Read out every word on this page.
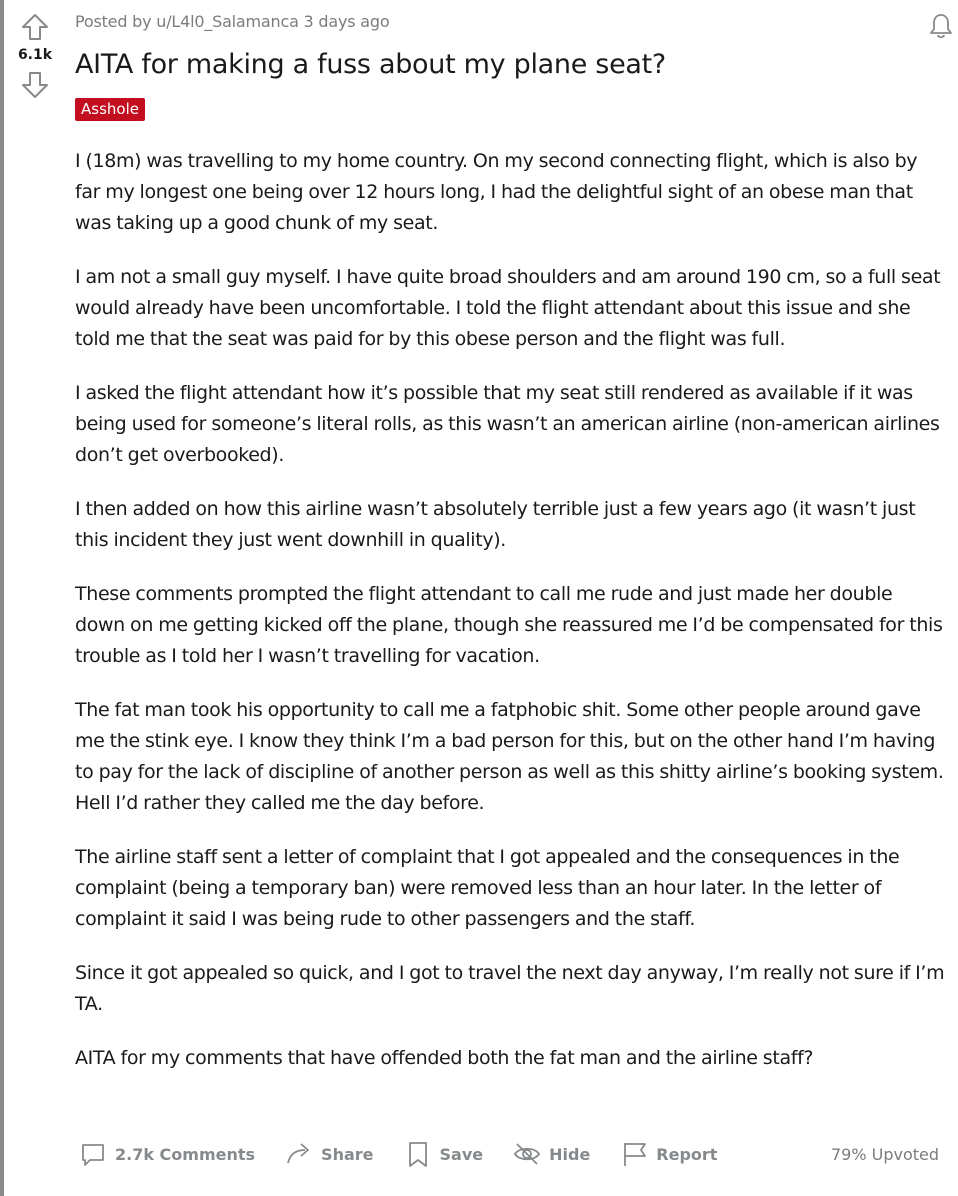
6.1k
Posted by u/L4l0_Salamanca 3 days ago
AITA for making a fuss about my plane seat?
Asshole

I (18m) was travelling to my home country. On my second connecting flight, which is also by far my longest one being over 12 hours long, I had the delightful sight of an obese man that was taking up a good chunk of my seat.

I am not a small guy myself. I have quite broad shoulders and am around 190 cm, so a full seat would already have been uncomfortable. I told the flight attendant about this issue and she told me that the seat was paid for by this obese person and the flight was full.

I asked the flight attendant how it’s possible that my seat still rendered as available if it was being used for someone’s literal rolls, as this wasn’t an american airline (non-american airlines don’t get overbooked).

I then added on how this airline wasn’t absolutely terrible just a few years ago (it wasn’t just this incident they just went downhill in quality).

These comments prompted the flight attendant to call me rude and just made her double down on me getting kicked off the plane, though she reassured me I’d be compensated for this trouble as I told her I wasn’t travelling for vacation.

The fat man took his opportunity to call me a fatphobic shit. Some other people around gave me the stink eye. I know they think I’m a bad person for this, but on the other hand I’m having to pay for the lack of discipline of another person as well as this shitty airline’s booking system. Hell I’d rather they called me the day before.

The airline staff sent a letter of complaint that I got appealed and the consequences in the complaint (being a temporary ban) were removed less than an hour later. In the letter of complaint it said I was being rude to other passengers and the staff.

Since it got appealed so quick, and I got to travel the next day anyway, I’m really not sure if I’m TA.

AITA for my comments that have offended both the fat man and the airline staff?

2.7k Comments	Share	Save	Hide	Report	79% Upvoted
